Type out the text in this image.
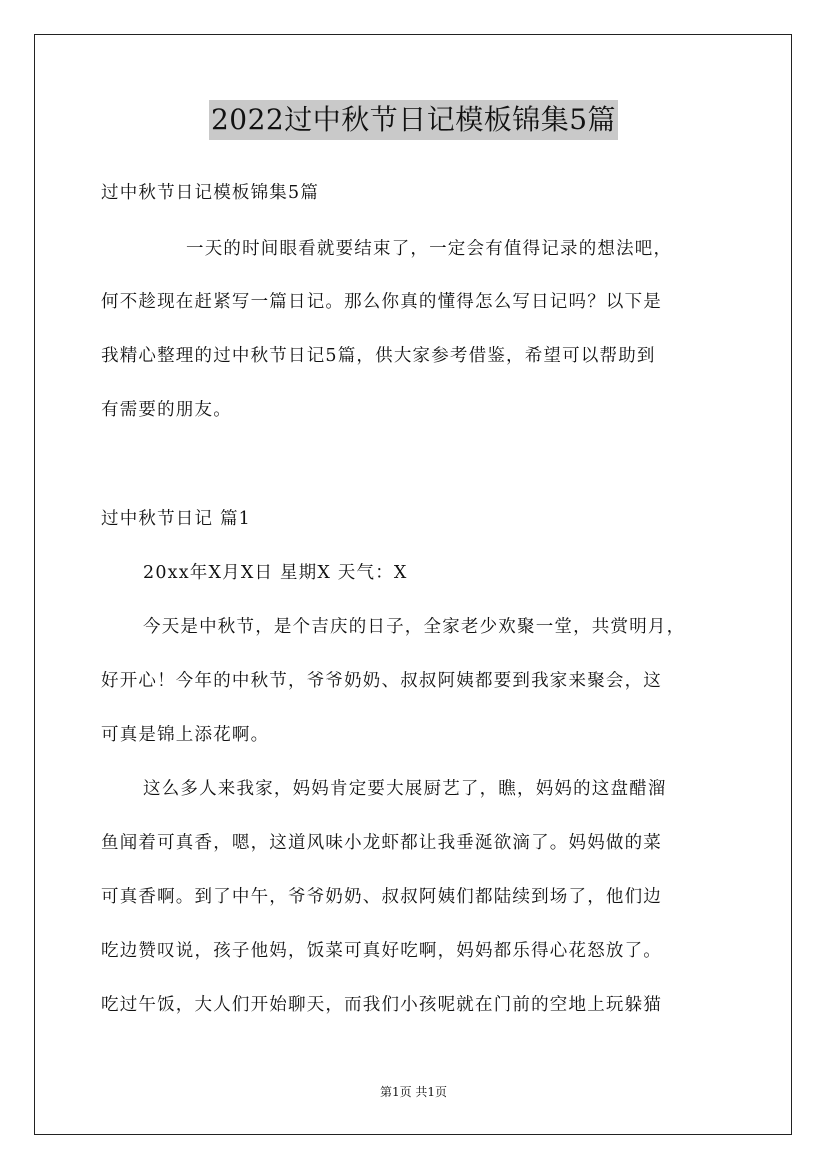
2022过中秋节日记模板锦集5篇
过中秋节日记模板锦集5篇
一天的时间眼看就要结束了，一定会有值得记录的想法吧，
何不趁现在赶紧写一篇日记。那么你真的懂得怎么写日记吗？以下是
我精心整理的过中秋节日记5篇，供大家参考借鉴，希望可以帮助到
有需要的朋友。
过中秋节日记 篇1
20xx年X月X日 星期X 天气：X
今天是中秋节，是个吉庆的日子，全家老少欢聚一堂，共赏明月，
好开心！今年的中秋节，爷爷奶奶、叔叔阿姨都要到我家来聚会，这
可真是锦上添花啊。
这么多人来我家，妈妈肯定要大展厨艺了，瞧，妈妈的这盘醋溜
鱼闻着可真香，嗯，这道风味小龙虾都让我垂涎欲滴了。妈妈做的菜
可真香啊。到了中午，爷爷奶奶、叔叔阿姨们都陆续到场了，他们边
吃边赞叹说，孩子他妈，饭菜可真好吃啊，妈妈都乐得心花怒放了。
吃过午饭，大人们开始聊天，而我们小孩呢就在门前的空地上玩躲猫
第1页 共1页
